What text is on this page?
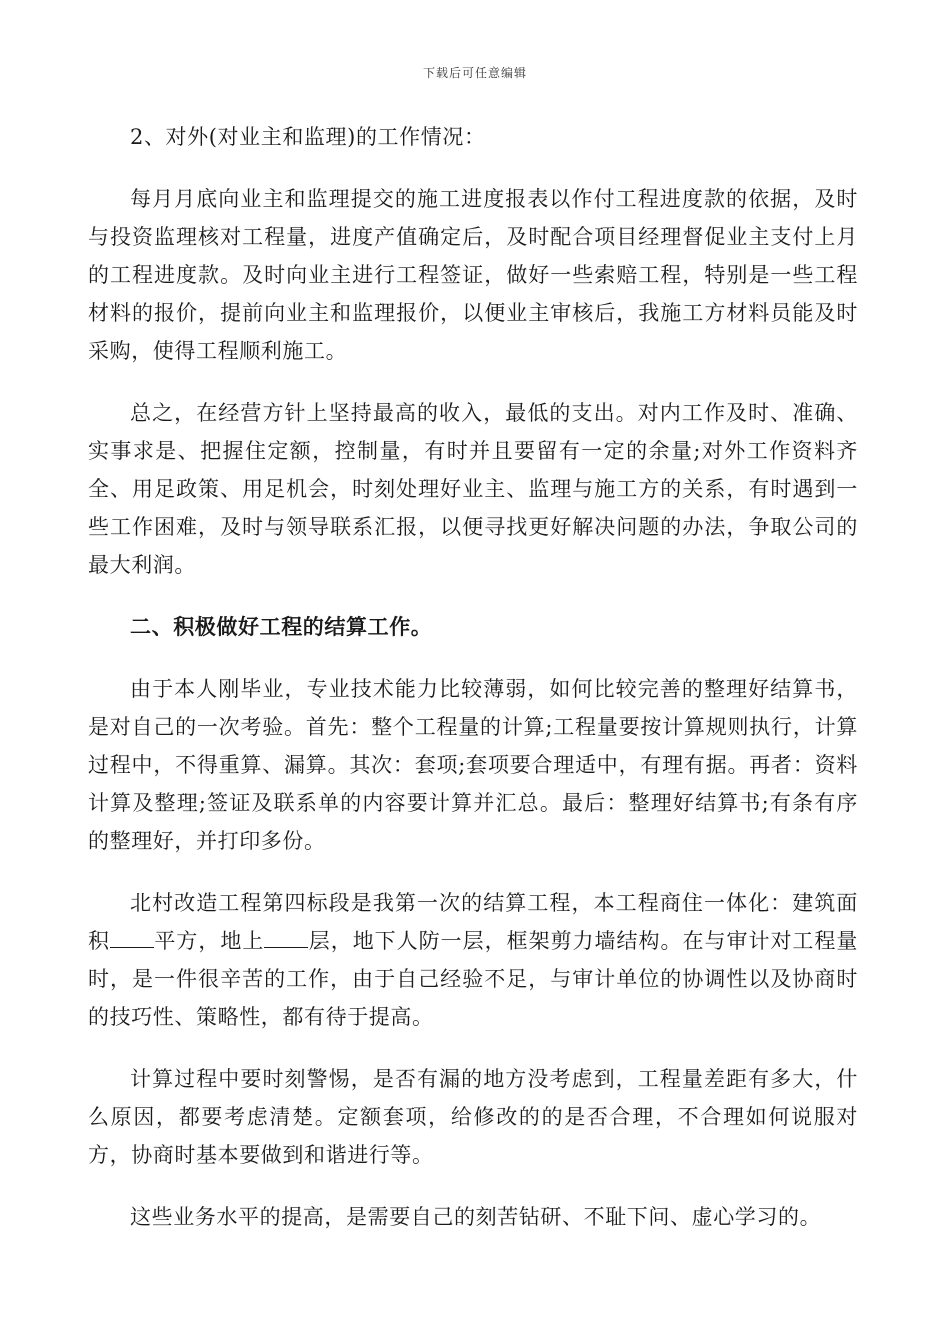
下载后可任意编辑

2、对外(对业主和监理)的工作情况：

每月月底向业主和监理提交的施工进度报表以作付工程进度款的依据，及时与投资监理核对工程量，进度产值确定后，及时配合项目经理督促业主支付上月的工程进度款。及时向业主进行工程签证，做好一些索赔工程，特别是一些工程材料的报价，提前向业主和监理报价，以便业主审核后，我施工方材料员能及时采购，使得工程顺利施工。

总之，在经营方针上坚持最高的收入，最低的支出。对内工作及时、准确、实事求是、把握住定额，控制量，有时并且要留有一定的余量;对外工作资料齐全、用足政策、用足机会，时刻处理好业主、监理与施工方的关系，有时遇到一些工作困难，及时与领导联系汇报，以便寻找更好解决问题的办法，争取公司的最大利润。

二、积极做好工程的结算工作。

由于本人刚毕业，专业技术能力比较薄弱，如何比较完善的整理好结算书，是对自己的一次考验。首先：整个工程量的计算;工程量要按计算规则执行，计算过程中，不得重算、漏算。其次：套项;套项要合理适中，有理有据。再者：资料计算及整理;签证及联系单的内容要计算并汇总。最后：整理好结算书;有条有序的整理好，并打印多份。

北村改造工程第四标段是我第一次的结算工程，本工程商住一体化：建筑面积 平方，地上 层，地下人防一层，框架剪力墙结构。在与审计对工程量时，是一件很辛苦的工作，由于自己经验不足，与审计单位的协调性以及协商时的技巧性、策略性，都有待于提高。

计算过程中要时刻警惕，是否有漏的地方没考虑到，工程量差距有多大，什么原因，都要考虑清楚。定额套项，给修改的的是否合理，不合理如何说服对方，协商时基本要做到和谐进行等。

这些业务水平的提高，是需要自己的刻苦钻研、不耻下问、虚心学习的。
